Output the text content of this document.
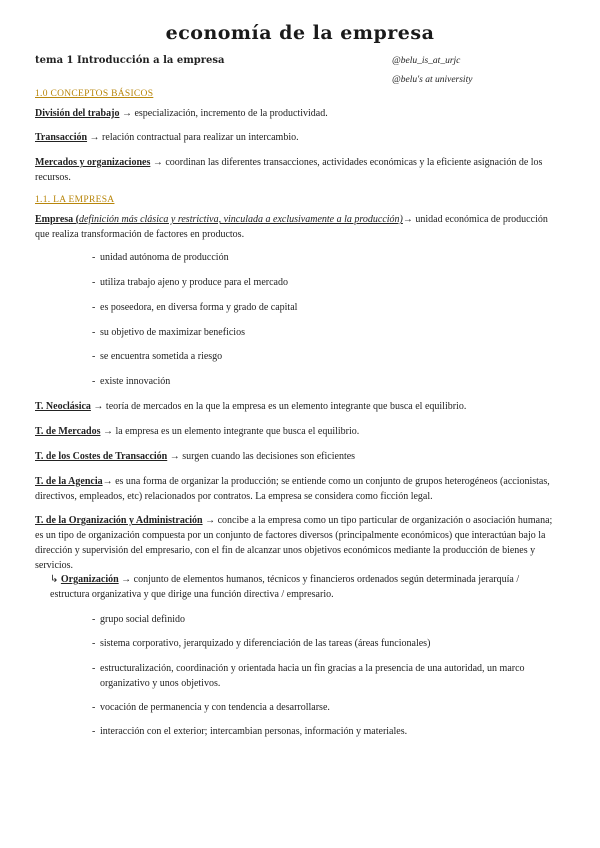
economía de la empresa
tema 1 Introducción a la empresa	@belu_is_at_urjc
@belu's at university
1.0 CONCEPTOS BÁSICOS
División del trabajo → especialización, incremento de la productividad.
Transacción → relación contractual para realizar un intercambio.
Mercados y organizaciones → coordinan las diferentes transacciones, actividades económicas y la eficiente asignación de los recursos.
1.1. LA EMPRESA
Empresa (definición más clásica y restrictiva, vinculada a exclusivamente a la producción)→ unidad económica de producción que realiza transformación de factores en productos.
- unidad autónoma de producción
- utiliza trabajo ajeno y produce para el mercado
- es poseedora, en diversa forma y grado de capital
- su objetivo de maximizar beneficios
- se encuentra sometida a riesgo
- existe innovación
T. Neoclásica → teoría de mercados en la que la empresa es un elemento integrante que busca el equilibrio.
T. de Mercados → la empresa es un elemento integrante que busca el equilibrio.
T. de los Costes de Transacción → surgen cuando las decisiones son eficientes
T. de la Agencia→ es una forma de organizar la producción; se entiende como un conjunto de grupos heterogéneos (accionistas, directivos, empleados, etc) relacionados por contratos. La empresa se considera como ficción legal.
T. de la Organización y Administración → concibe a la empresa como un tipo particular de organización o asociación humana; es un tipo de organización compuesta por un conjunto de factores diversos (principalmente económicos) que interactúan bajo la dirección y supervisión del empresario, con el fin de alcanzar unos objetivos económicos mediante la producción de bienes y servicios.
↳ Organización → conjunto de elementos humanos, técnicos y financieros ordenados según determinada jerarquía / estructura organizativa y que dirige una función directiva / empresario.
- grupo social definido
- sistema corporativo, jerarquizado y diferenciación de las tareas (áreas funcionales)
- estructuralización, coordinación y orientada hacia un fin gracias a la presencia de una autoridad, un marco organizativo y unos objetivos.
- vocación de permanencia y con tendencia a desarrollarse.
- interacción con el exterior; intercambian personas, información y materiales.
